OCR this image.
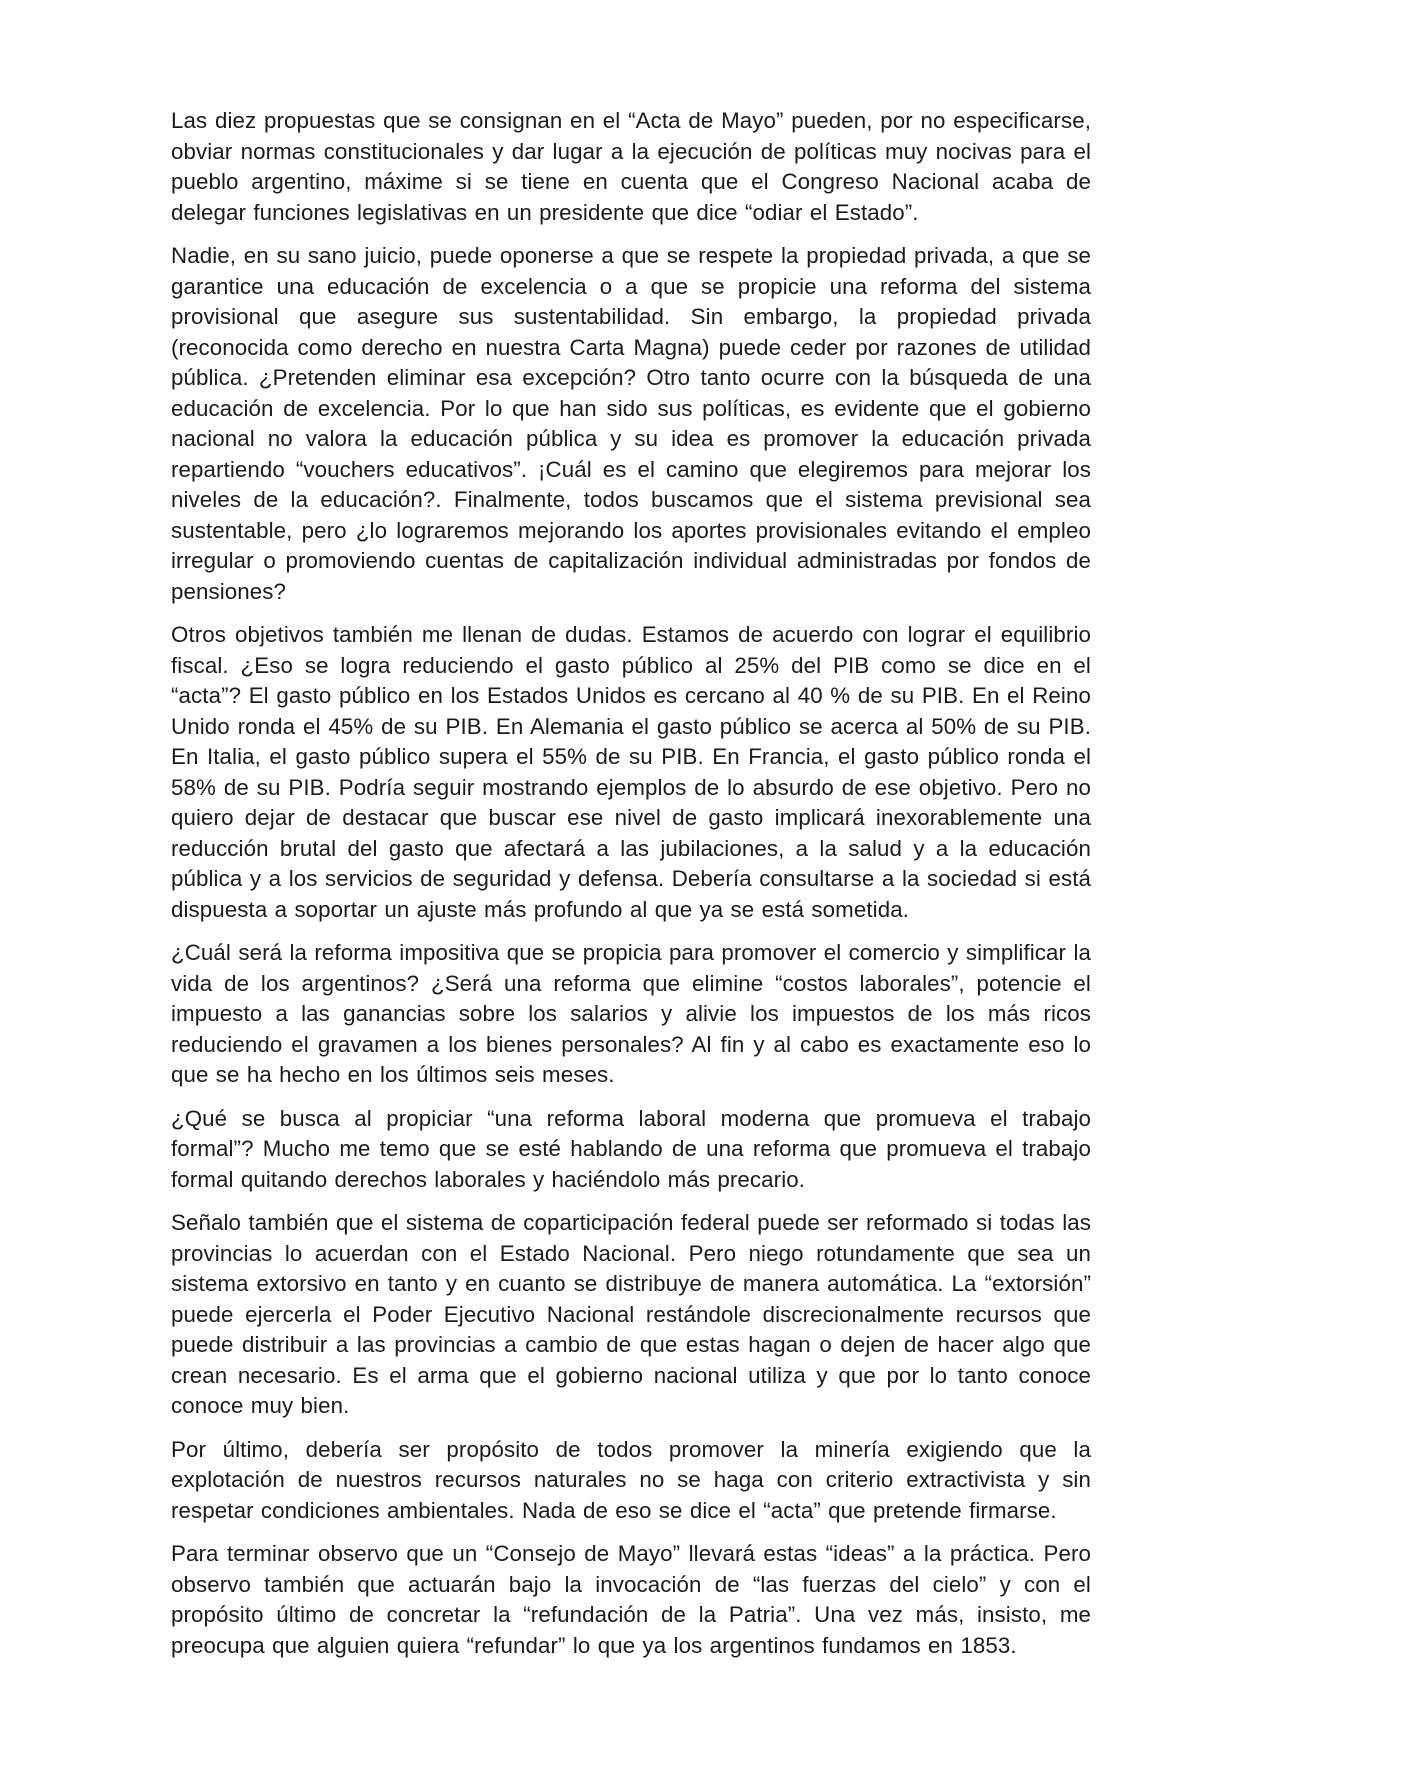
Las diez propuestas que se consignan en el “Acta de Mayo” pueden, por no especificarse, obviar normas constitucionales y dar lugar a la ejecución de políticas muy nocivas para el pueblo argentino, máxime si se tiene en cuenta que el Congreso Nacional acaba de delegar funciones legislativas en un presidente que dice “odiar el Estado”.

Nadie, en su sano juicio, puede oponerse a que se respete la propiedad privada, a que se garantice una educación de excelencia o a que se propicie una reforma del sistema provisional que asegure sus sustentabilidad. Sin embargo, la propiedad privada (reconocida como derecho en nuestra Carta Magna) puede ceder por razones de utilidad pública. ¿Pretenden eliminar esa excepción? Otro tanto ocurre con la búsqueda de una educación de excelencia. Por lo que han sido sus políticas, es evidente que el gobierno nacional no valora la educación pública y su idea es promover la educación privada repartiendo “vouchers educativos”. ¡Cuál es el camino que elegiremos para mejorar los niveles de la educación?. Finalmente, todos buscamos que el sistema previsional sea sustentable, pero ¿lo lograremos mejorando los aportes provisionales evitando el empleo irregular o promoviendo cuentas de capitalización individual administradas por fondos de pensiones?

Otros objetivos también me llenan de dudas. Estamos de acuerdo con lograr el equilibrio fiscal. ¿Eso se logra reduciendo el gasto público al 25% del PIB como se dice en el “acta”? El gasto público en los Estados Unidos es cercano al 40 % de su PIB. En el Reino Unido ronda el 45% de su PIB. En Alemania el gasto público se acerca al 50% de su PIB. En Italia, el gasto público supera el 55% de su PIB. En Francia, el gasto público ronda el 58% de su PIB. Podría seguir mostrando ejemplos de lo absurdo de ese objetivo. Pero no quiero dejar de destacar que buscar ese nivel de gasto implicará inexorablemente una reducción brutal del gasto que afectará a las jubilaciones, a la salud y a la educación pública y a los servicios de seguridad y defensa. Debería consultarse a la sociedad si está dispuesta a soportar un ajuste más profundo al que ya se está sometida.

¿Cuál será la reforma impositiva que se propicia para promover el comercio y simplificar la vida de los argentinos? ¿Será una reforma que elimine “costos laborales”, potencie el impuesto a las ganancias sobre los salarios y alivie los impuestos de los más ricos reduciendo el gravamen a los bienes personales? Al fin y al cabo es exactamente eso lo que se ha hecho en los últimos seis meses.

¿Qué se busca al propiciar “una reforma laboral moderna que promueva el trabajo formal”? Mucho me temo que se esté hablando de una reforma que promueva el trabajo formal quitando derechos laborales y haciéndolo más precario.

Señalo también que el sistema de coparticipación federal puede ser reformado si todas las provincias lo acuerdan con el Estado Nacional. Pero niego rotundamente que sea un sistema extorsivo en tanto y en cuanto se distribuye de manera automática. La “extorsión” puede ejercerla el Poder Ejecutivo Nacional restándole discrecionalmente recursos que puede distribuir a las provincias a cambio de que estas hagan o dejen de hacer algo que crean necesario. Es el arma que el gobierno nacional utiliza y que por lo tanto conoce conoce muy bien.

Por último, debería ser propósito de todos promover la minería exigiendo que la explotación de nuestros recursos naturales no se haga con criterio extractivista y sin respetar condiciones ambientales. Nada de eso se dice el “acta” que pretende firmarse.

Para terminar observo que un “Consejo de Mayo” llevará estas “ideas” a la práctica. Pero observo también que actuarán bajo la invocación de “las fuerzas del cielo” y con el propósito último de concretar la “refundación de la Patria”. Una vez más, insisto, me preocupa que alguien quiera “refundar” lo que ya los argentinos fundamos en 1853.
